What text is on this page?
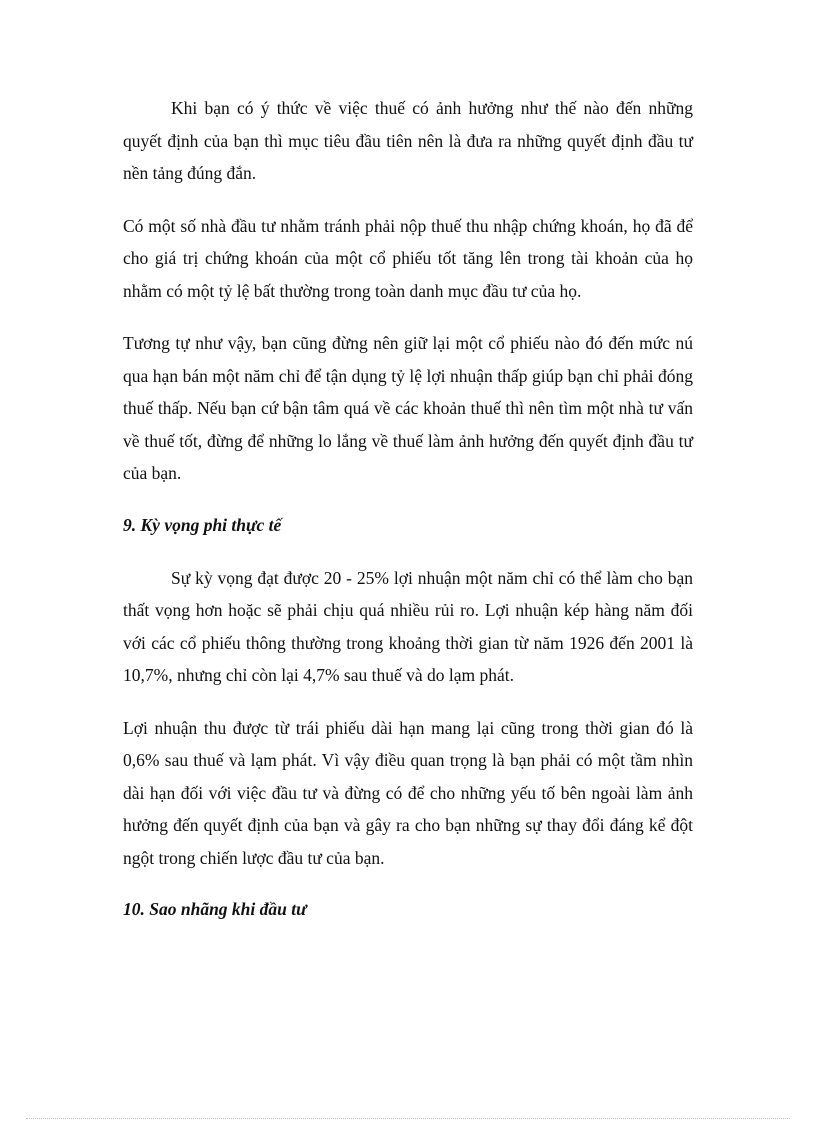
Khi bạn có ý thức về việc thuế có ảnh hưởng như thế nào đến những quyết định của bạn thì mục tiêu đầu tiên nên là đưa ra những quyết định đầu tư nền tảng đúng đắn.

Có một số nhà đầu tư nhằm tránh phải nộp thuế thu nhập chứng khoán, họ đã để cho giá trị chứng khoán của một cổ phiếu tốt tăng lên trong tài khoản của họ nhằm có một tỷ lệ bất thường trong toàn danh mục đầu tư của họ.

Tương tự như vậy, bạn cũng đừng nên giữ lại một cổ phiếu nào đó đến mức nú qua hạn bán một năm chỉ để tận dụng tỷ lệ lợi nhuận thấp giúp bạn chỉ phải đóng thuế thấp. Nếu bạn cứ bận tâm quá về các khoản thuế thì nên tìm một nhà tư vấn về thuế tốt, đừng để những lo lắng về thuế làm ảnh hưởng đến quyết định đầu tư của bạn.

9. Kỳ vọng phi thực tế

Sự kỳ vọng đạt được 20 - 25% lợi nhuận một năm chỉ có thể làm cho bạn thất vọng hơn hoặc sẽ phải chịu quá nhiều rủi ro. Lợi nhuận kép hàng năm đối với các cổ phiếu thông thường trong khoảng thời gian từ năm 1926 đến 2001 là 10,7%, nhưng chỉ còn lại 4,7% sau thuế và do lạm phát.

Lợi nhuận thu được từ trái phiếu dài hạn mang lại cũng trong thời gian đó là 0,6% sau thuế và lạm phát. Vì vậy điều quan trọng là bạn phải có một tầm nhìn dài hạn đối với việc đầu tư và đừng có để cho những yếu tố bên ngoài làm ảnh hưởng đến quyết định của bạn và gây ra cho bạn những sự thay đổi đáng kể đột ngột trong chiến lược đầu tư của bạn.

10. Sao nhãng khi đầu tư
